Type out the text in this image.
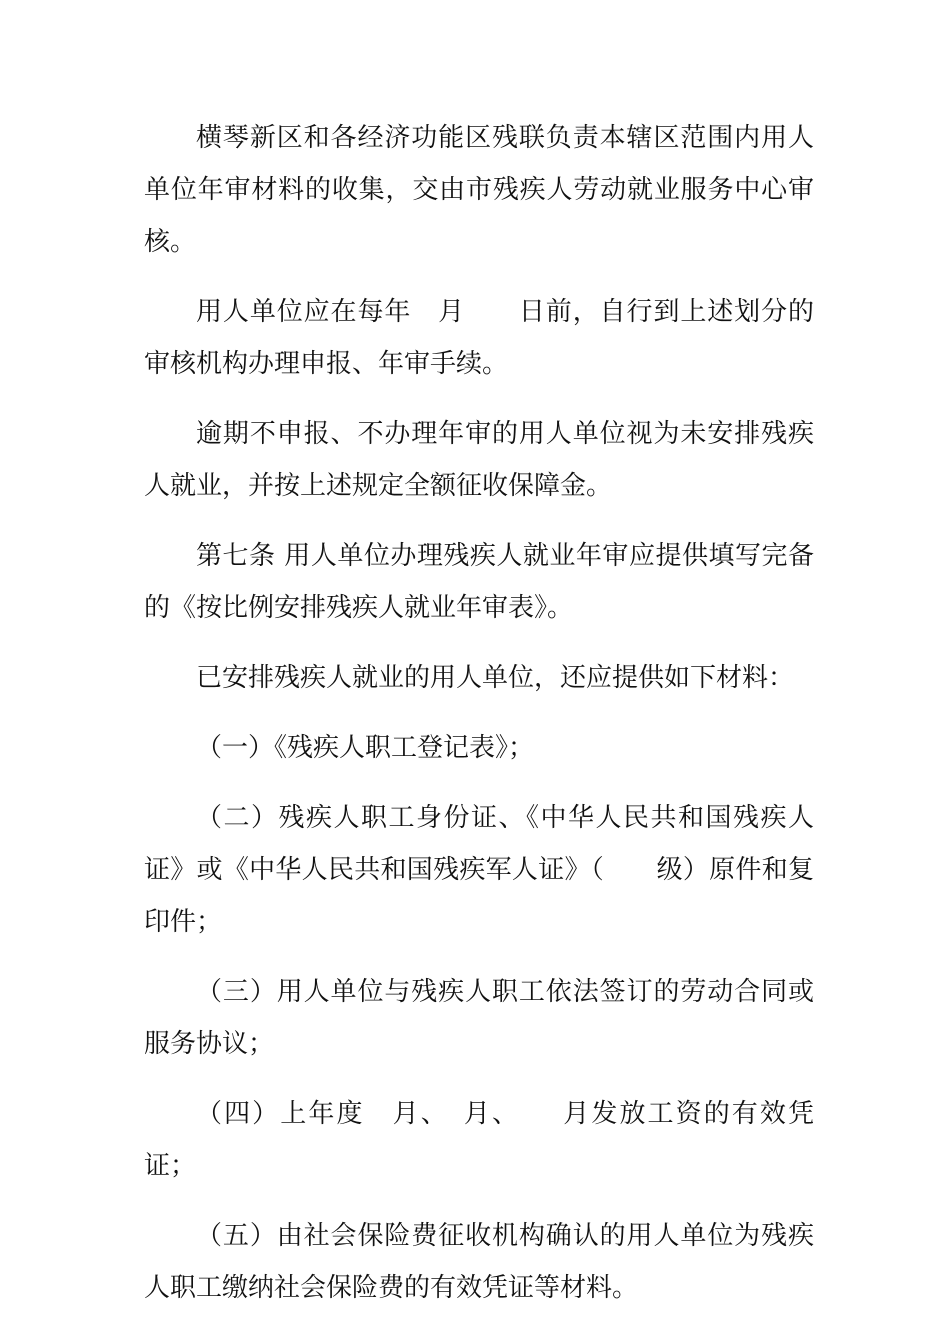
横琴新区和各经济功能区残联负责本辖区范围内用人单位年审材料的收集，交由市残疾人劳动就业服务中心审核。

用人单位应在每年　月　　日前，自行到上述划分的审核机构办理申报、年审手续。

逾期不申报、不办理年审的用人单位视为未安排残疾人就业，并按上述规定全额征收保障金。

第七条 用人单位办理残疾人就业年审应提供填写完备的《按比例安排残疾人就业年审表》。

已安排残疾人就业的用人单位，还应提供如下材料：

（一）《残疾人职工登记表》；

（二）残疾人职工身份证、《中华人民共和国残疾人证》或《中华人民共和国残疾军人证》（　　级）原件和复印件；

（三）用人单位与残疾人职工依法签订的劳动合同或服务协议；

（四）上年度　月、　月、　　月发放工资的有效凭证；

（五）由社会保险费征收机构确认的用人单位为残疾人职工缴纳社会保险费的有效凭证等材料。
